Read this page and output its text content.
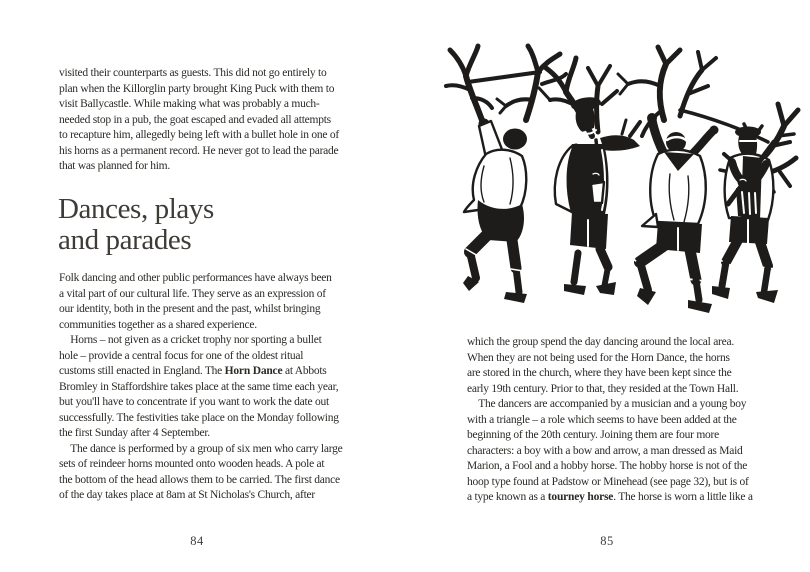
visited their counterparts as guests. This did not go entirely to
plan when the Killorglin party brought King Puck with them to
visit Ballycastle. While making what was probably a much-
needed stop in a pub, the goat escaped and evaded all attempts
to recapture him, allegedly being left with a bullet hole in one of
his horns as a permanent record. He never got to lead the parade
that was planned for him.
Dances, plays
and parades
Folk dancing and other public performances have always been
a vital part of our cultural life. They serve as an expression of
our identity, both in the present and the past, whilst bringing
communities together as a shared experience.
 Horns – not given as a cricket trophy nor sporting a bullet
hole – provide a central focus for one of the oldest ritual
customs still enacted in England. The Horn Dance at Abbots
Bromley in Staffordshire takes place at the same time each year,
but you'll have to concentrate if you want to work the date out
successfully. The festivities take place on the Monday following
the first Sunday after 4 September.
 The dance is performed by a group of six men who carry large
sets of reindeer horns mounted onto wooden heads. A pole at
the bottom of the head allows them to be carried. The first dance
of the day takes place at 8am at St Nicholas's Church, after
84
which the group spend the day dancing around the local area.
When they are not being used for the Horn Dance, the horns
are stored in the church, where they have been kept since the
early 19th century. Prior to that, they resided at the Town Hall.
 The dancers are accompanied by a musician and a young boy
with a triangle – a role which seems to have been added at the
beginning of the 20th century. Joining them are four more
characters: a boy with a bow and arrow, a man dressed as Maid
Marion, a Fool and a hobby horse. The hobby horse is not of the
hoop type found at Padstow or Minehead (see page 32), but is of
a type known as a tourney horse. The horse is worn a little like a
85
